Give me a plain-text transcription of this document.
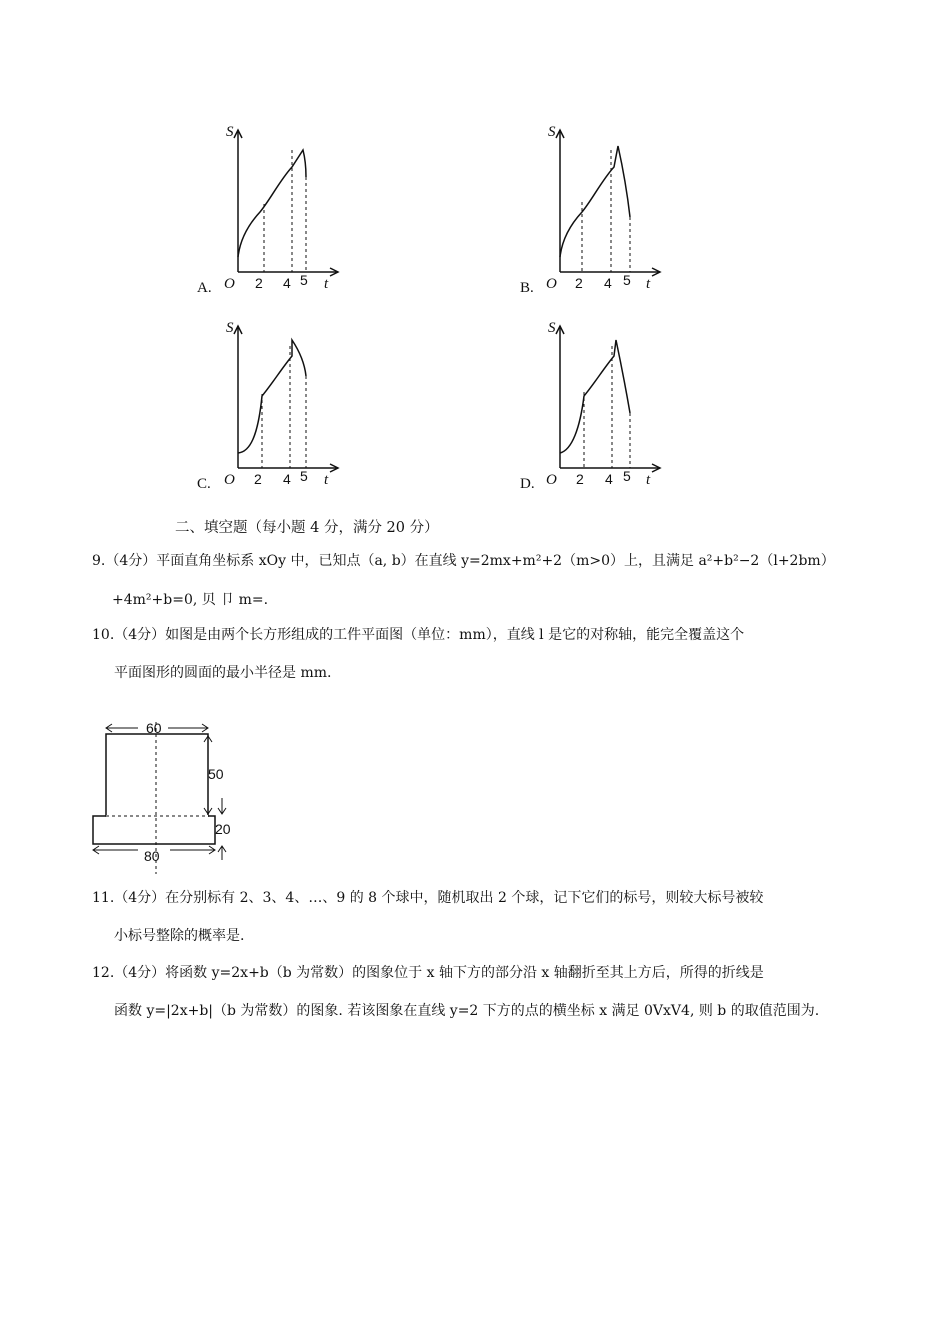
A.
S
t
O 2 4 5	B.
S
t
O 2 4 5
C.
S
t
O 2 4 5	D.
S
t
O 2 4 5
二、填空题（每小题 4 分，满分 20 分）
9.（4分）平面直角坐标系 xOy 中，已知点（a, b）在直线 y=2mx+m²+2（m>0）上，且满足 a²+b²−2（l+2bm）
+4m²+b=0, 贝 卩 m=.
10.（4分）如图是由两个长方形组成的工件平面图（单位：mm），直线 l 是它的对称轴，能完全覆盖这个
平面图形的圆面的最小半径是 mm.
60
50
20
80
11.（4分）在分别标有 2、3、4、…、9 的 8 个球中，随机取出 2 个球，记下它们的标号，则较大标号被较
小标号整除的概率是.
12.（4分）将函数 y=2x+b（b 为常数）的图象位于 x 轴下方的部分沿 x 轴翻折至其上方后，所得的折线是
函数 y=|2x+b|（b 为常数）的图象. 若该图象在直线 y=2 下方的点的横坐标 x 满足 0VxV4, 则 b 的取值范围为.
